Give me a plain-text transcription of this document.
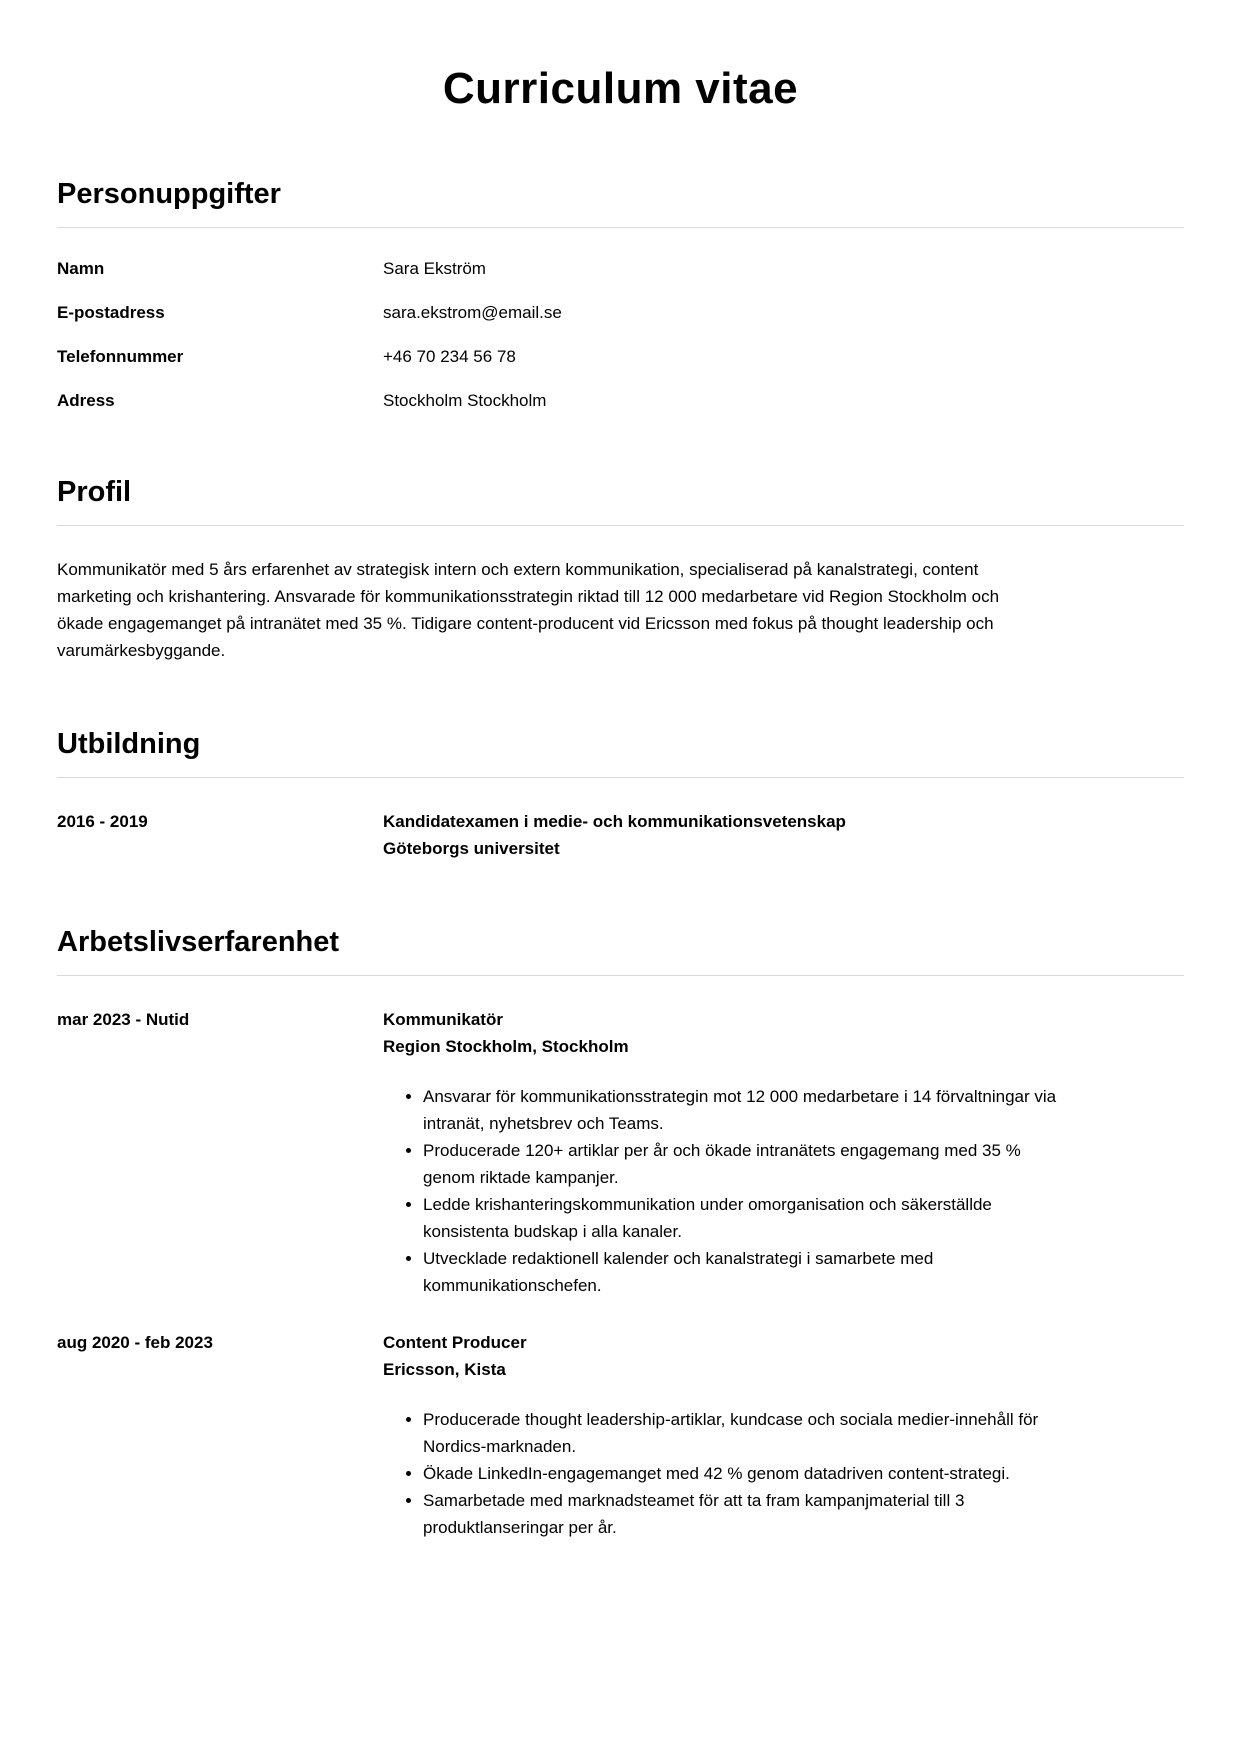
Curriculum vitae
Personuppgifter
Namn	Sara Ekström
E-postadress	sara.ekstrom@email.se
Telefonnummer	+46 70 234 56 78
Adress	Stockholm Stockholm
Profil

Kommunikatör med 5 års erfarenhet av strategisk intern och extern kommunikation, specialiserad på kanalstrategi, content marketing och krishantering. Ansvarade för kommunikationsstrategin riktad till 12 000 medarbetare vid Region Stockholm och ökade engagemanget på intranätet med 35 %. Tidigare content-producent vid Ericsson med fokus på thought leadership och varumärkesbyggande.

Utbildning
2016 - 2019	Kandidatexamen i medie- och kommunikationsvetenskap
Göteborgs universitet
Arbetslivserfarenhet
mar 2023 - Nutid	Kommunikatör
Region Stockholm, Stockholm
• Ansvarar för kommunikationsstrategin mot 12 000 medarbetare i 14 förvaltningar via intranät, nyhetsbrev och Teams.
• Producerade 120+ artiklar per år och ökade intranätets engagemang med 35 % genom riktade kampanjer.
• Ledde krishanteringskommunikation under omorganisation och säkerställde konsistenta budskap i alla kanaler.
• Utvecklade redaktionell kalender och kanalstrategi i samarbete med kommunikationschefen.
aug 2020 - feb 2023	Content Producer
Ericsson, Kista
• Producerade thought leadership-artiklar, kundcase och sociala medier-innehåll för Nordics-marknaden.
• Ökade LinkedIn-engagemanget med 42 % genom datadriven content-strategi.
• Samarbetade med marknadsteamet för att ta fram kampanjmaterial till 3 produktlanseringar per år.
